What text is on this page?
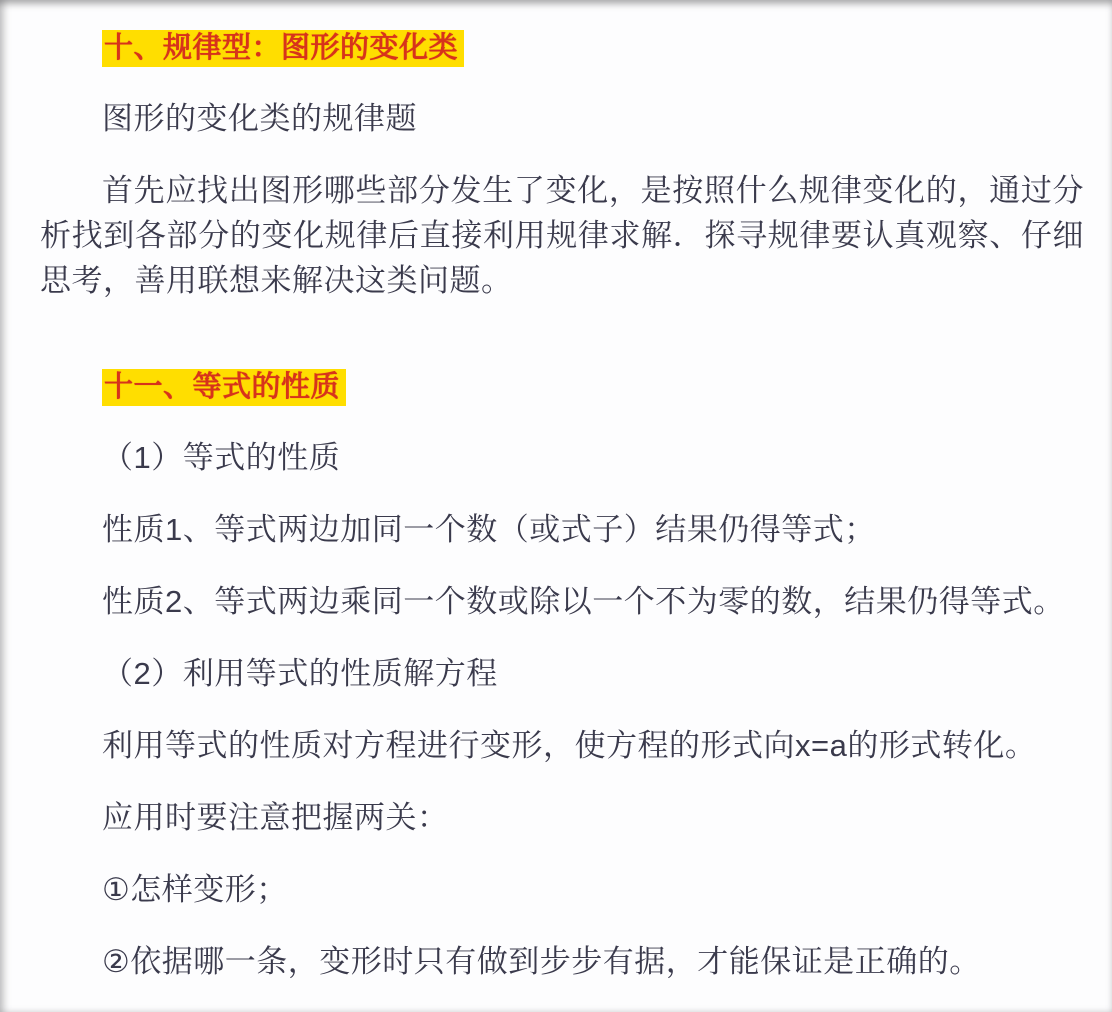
十、规律型：图形的变化类

图形的变化类的规律题

首先应找出图形哪些部分发生了变化，是按照什么规律变化的，通过分析找到各部分的变化规律后直接利用规律求解．探寻规律要认真观察、仔细思考，善用联想来解决这类问题。

十一、等式的性质

（1）等式的性质

性质1、等式两边加同一个数（或式子）结果仍得等式；

性质2、等式两边乘同一个数或除以一个不为零的数，结果仍得等式。

（2）利用等式的性质解方程

利用等式的性质对方程进行变形，使方程的形式向x=a的形式转化。

应用时要注意把握两关：

①怎样变形；

②依据哪一条，变形时只有做到步步有据，才能保证是正确的。
